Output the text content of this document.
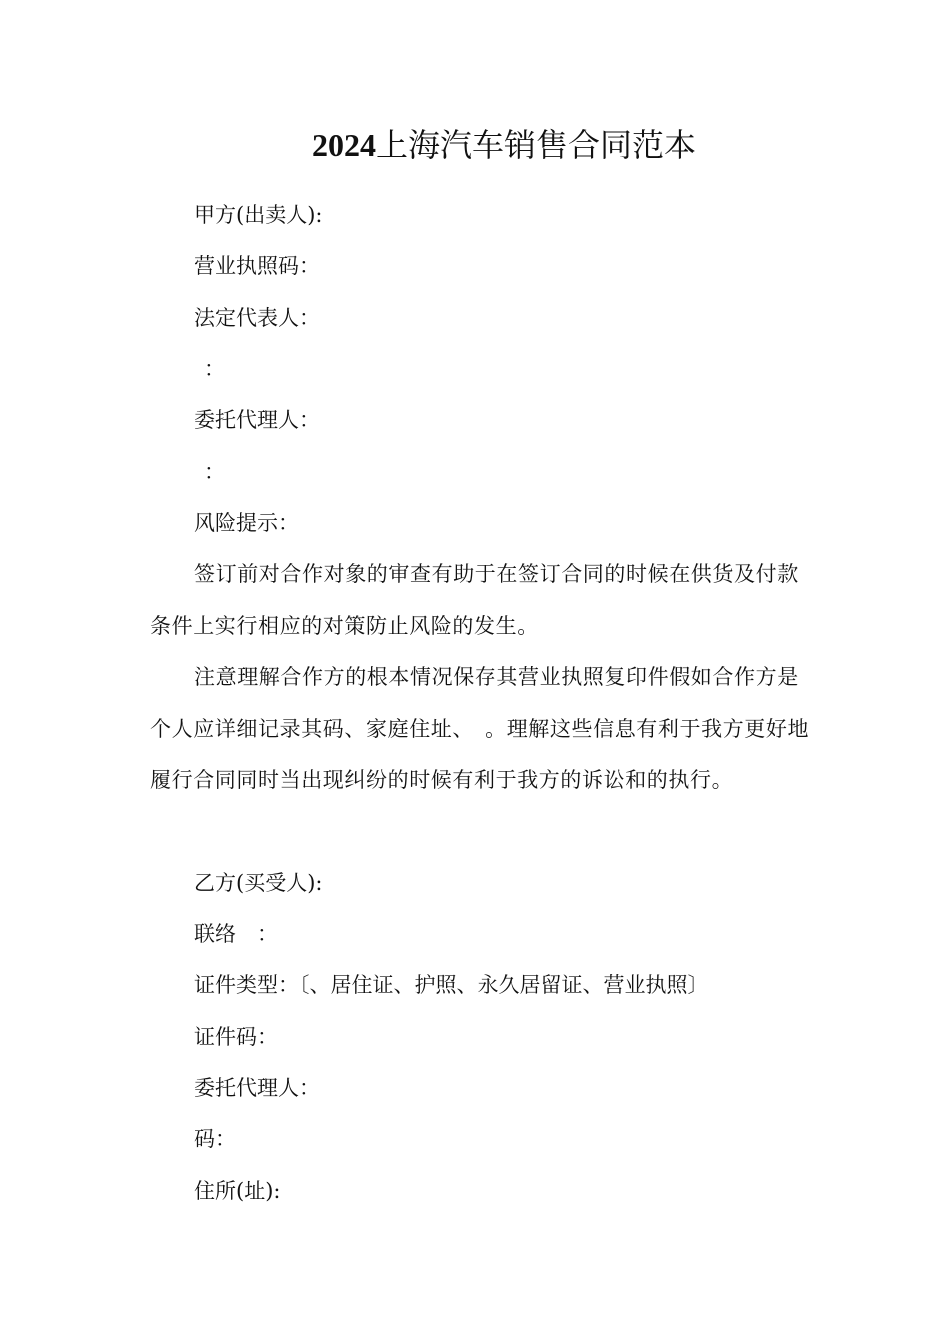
2024上海汽车销售合同范本
甲方(出卖人):
营业执照码：
法定代表人：
：
委托代理人：
：
风险提示：

签订前对合作对象的审查有助于在签订合同的时候在供货及付款条件上实行相应的对策防止风险的发生。

注意理解合作方的根本情况保存其营业执照复印件假如合作方是个人应详细记录其码、家庭住址、　。理解这些信息有利于我方更好地履行合同同时当出现纠纷的时候有利于我方的诉讼和的执行。

乙方(买受人):
联络　：
证件类型：〔、居住证、护照、永久居留证、营业执照〕
证件码：
委托代理人：
码：
住所(址):
